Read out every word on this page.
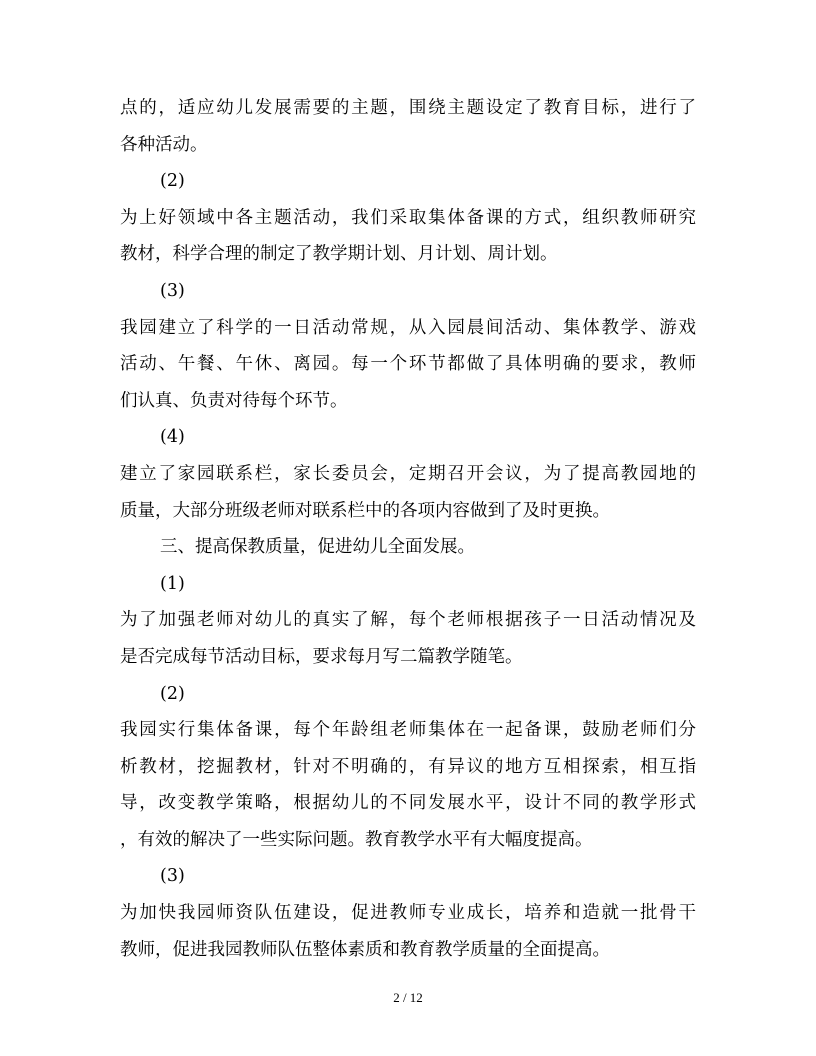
点的，适应幼儿发展需要的主题，围绕主题设定了教育目标，进行了
各种活动。
(2)
为上好领域中各主题活动，我们采取集体备课的方式，组织教师研究
教材，科学合理的制定了教学期计划、月计划、周计划。
(3)
我园建立了科学的一日活动常规，从入园晨间活动、集体教学、游戏
活动、午餐、午休、离园。每一个环节都做了具体明确的要求，教师
们认真、负责对待每个环节。
(4)
建立了家园联系栏，家长委员会，定期召开会议，为了提高教园地的
质量，大部分班级老师对联系栏中的各项内容做到了及时更换。
三、提高保教质量，促进幼儿全面发展。
(1)
为了加强老师对幼儿的真实了解，每个老师根据孩子一日活动情况及
是否完成每节活动目标，要求每月写二篇教学随笔。
(2)
我园实行集体备课，每个年龄组老师集体在一起备课，鼓励老师们分
析教材，挖掘教材，针对不明确的，有异议的地方互相探索，相互指
导，改变教学策略，根据幼儿的不同发展水平，设计不同的教学形式
，有效的解决了一些实际问题。教育教学水平有大幅度提高。
(3)
为加快我园师资队伍建设，促进教师专业成长，培养和造就一批骨干
教师，促进我园教师队伍整体素质和教育教学质量的全面提高。
2 / 12
